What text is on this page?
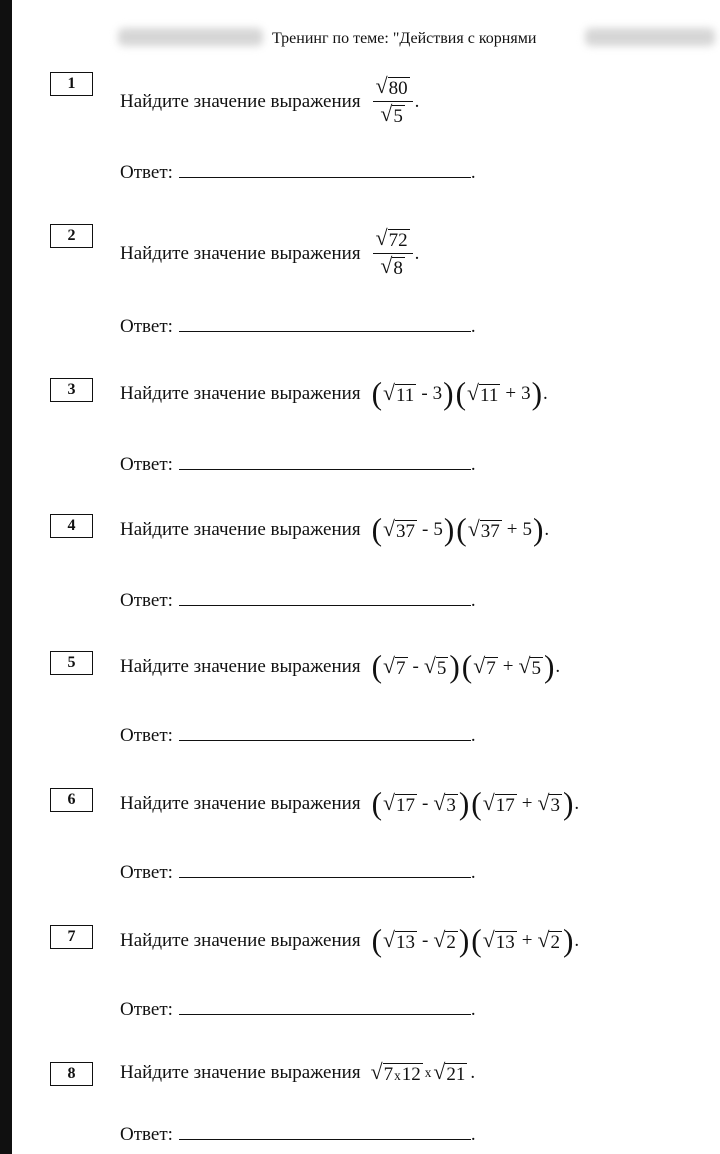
Тренинг по теме: "Действия с корнями
1
Найдите значение выражения $\frac{√ 80}{√ 5}$ .
Ответ:	.
2
Найдите значение выражения $\frac{√ 72}{√ 8}$ .
Ответ:	.
3	Найдите значение выражения ( √ 11 - 3 ) ( √ 11 + 3 ) .
Ответ:	.
4	Найдите значение выражения ( √ 37 - 5 ) ( √ 37 + 5 ) .
Ответ:	.
5	Найдите значение выражения ( √ 7 - √ 5 ) ( √ 7 + √ 5 ) .
Ответ:	.
6	Найдите значение выражения ( √ 17 - √ 3 ) ( √ 17 + √ 3 ) .
Ответ:	.
7	Найдите значение выражения ( √ 13 - √ 2 ) ( √ 13 + √ 2 ) .
Ответ:	.
8	Найдите значение выражения √ 7x12 x √ 21 .
Ответ:	.
